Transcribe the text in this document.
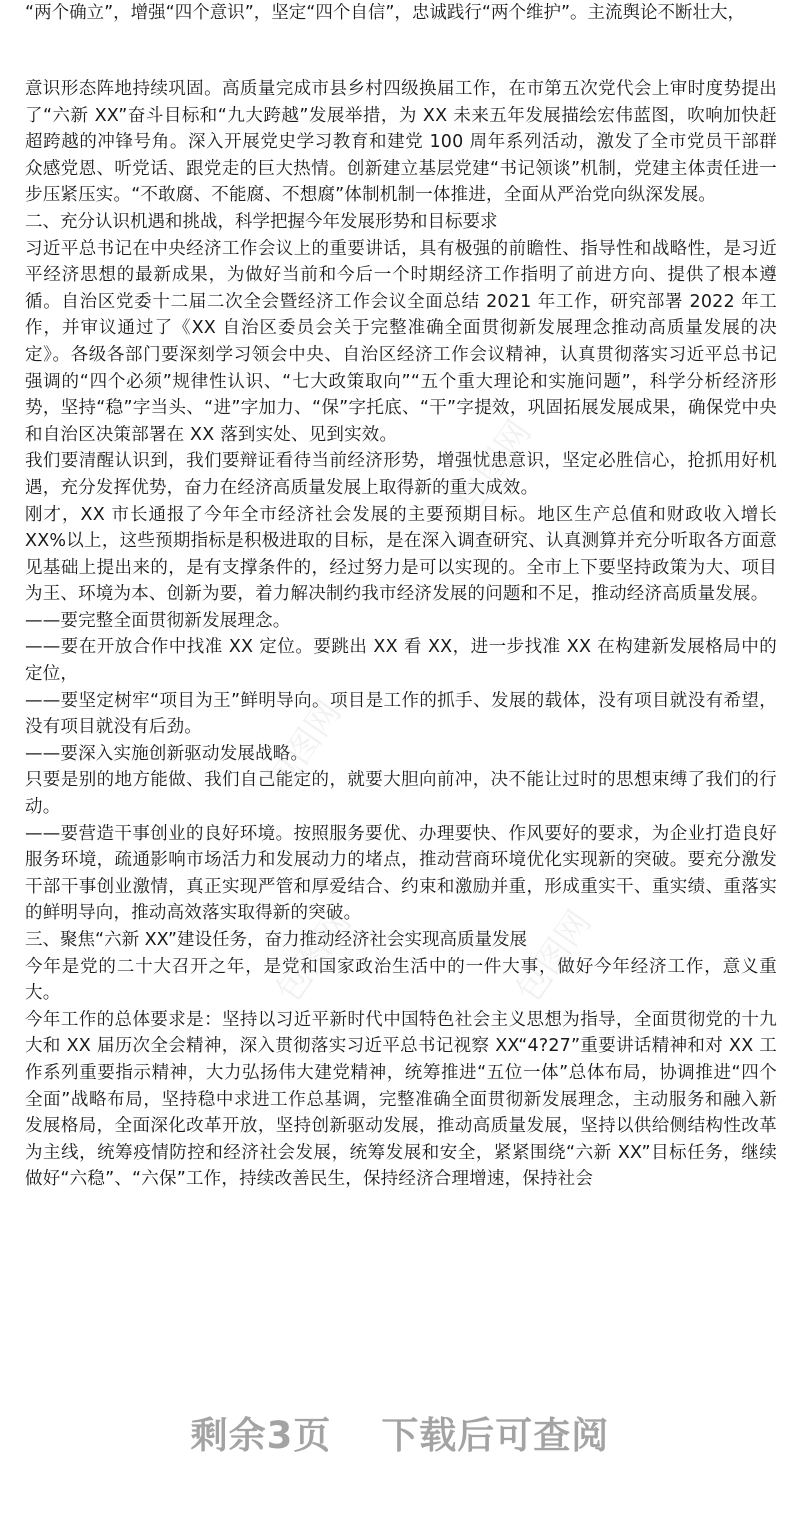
“两个确立”，增强“四个意识”，坚定“四个自信”，忠诚践行“两个维护”。主流舆论不断壮大，

意识形态阵地持续巩固。高质量完成市县乡村四级换届工作，在市第五次党代会上审时度势提出了“六新 XX”奋斗目标和“九大跨越”发展举措，为 XX 未来五年发展描绘宏伟蓝图，吹响加快赶超跨越的冲锋号角。深入开展党史学习教育和建党 100 周年系列活动，激发了全市党员干部群众感党恩、听党话、跟党走的巨大热情。创新建立基层党建“书记领谈”机制，党建主体责任进一步压紧压实。“不敢腐、不能腐、不想腐”体制机制一体推进，全面从严治党向纵深发展。

二、充分认识机遇和挑战，科学把握今年发展形势和目标要求

习近平总书记在中央经济工作会议上的重要讲话，具有极强的前瞻性、指导性和战略性，是习近平经济思想的最新成果，为做好当前和今后一个时期经济工作指明了前进方向、提供了根本遵循。自治区党委十二届二次全会暨经济工作会议全面总结 2021 年工作，研究部署 2022 年工作，并审议通过了《XX 自治区委员会关于完整准确全面贯彻新发展理念推动高质量发展的决定》。各级各部门要深刻学习领会中央、自治区经济工作会议精神，认真贯彻落实习近平总书记强调的“四个必须”规律性认识、“七大政策取向”“五个重大理论和实施问题”，科学分析经济形势，坚持“稳”字当头、“进”字加力、“保”字托底、“干”字提效，巩固拓展发展成果，确保党中央和自治区决策部署在 XX 落到实处、见到实效。

我们要清醒认识到，我们要辩证看待当前经济形势，增强忧患意识，坚定必胜信心，抢抓用好机遇，充分发挥优势，奋力在经济高质量发展上取得新的重大成效。

刚才，XX 市长通报了今年全市经济社会发展的主要预期目标。地区生产总值和财政收入增长 XX%以上，这些预期指标是积极进取的目标，是在深入调查研究、认真测算并充分听取各方面意见基础上提出来的，是有支撑条件的，经过努力是可以实现的。全市上下要坚持政策为大、项目为王、环境为本、创新为要，着力解决制约我市经济发展的问题和不足，推动经济高质量发展。

——要完整全面贯彻新发展理念。

——要在开放合作中找准 XX 定位。要跳出 XX 看 XX，进一步找准 XX 在构建新发展格局中的定位，

——要坚定树牢“项目为王”鲜明导向。项目是工作的抓手、发展的载体，没有项目就没有希望，没有项目就没有后劲。

——要深入实施创新驱动发展战略。

只要是别的地方能做、我们自己能定的，就要大胆向前冲，决不能让过时的思想束缚了我们的行动。

——要营造干事创业的良好环境。按照服务要优、办理要快、作风要好的要求，为企业打造良好服务环境，疏通影响市场活力和发展动力的堵点，推动营商环境优化实现新的突破。要充分激发干部干事创业激情，真正实现严管和厚爱结合、约束和激励并重，形成重实干、重实绩、重落实的鲜明导向，推动高效落实取得新的突破。

三、聚焦“六新 XX”建设任务，奋力推动经济社会实现高质量发展

今年是党的二十大召开之年，是党和国家政治生活中的一件大事，做好今年经济工作，意义重大。

今年工作的总体要求是：坚持以习近平新时代中国特色社会主义思想为指导，全面贯彻党的十九大和 XX 届历次全会精神，深入贯彻落实习近平总书记视察 XX“4?27”重要讲话精神和对 XX 工作系列重要指示精神，大力弘扬伟大建党精神，统筹推进“五位一体”总体布局，协调推进“四个全面”战略布局，坚持稳中求进工作总基调，完整准确全面贯彻新发展理念，主动服务和融入新发展格局，全面深化改革开放，坚持创新驱动发展，推动高质量发展，坚持以供给侧结构性改革为主线，统筹疫情防控和经济社会发展，统筹发展和安全，紧紧围绕“六新 XX”目标任务，继续做好“六稳”、“六保”工作，持续改善民生，保持经济合理增速，保持社会

包图网
包图网
包图网	包图网
剩余3页 下载后可查阅
